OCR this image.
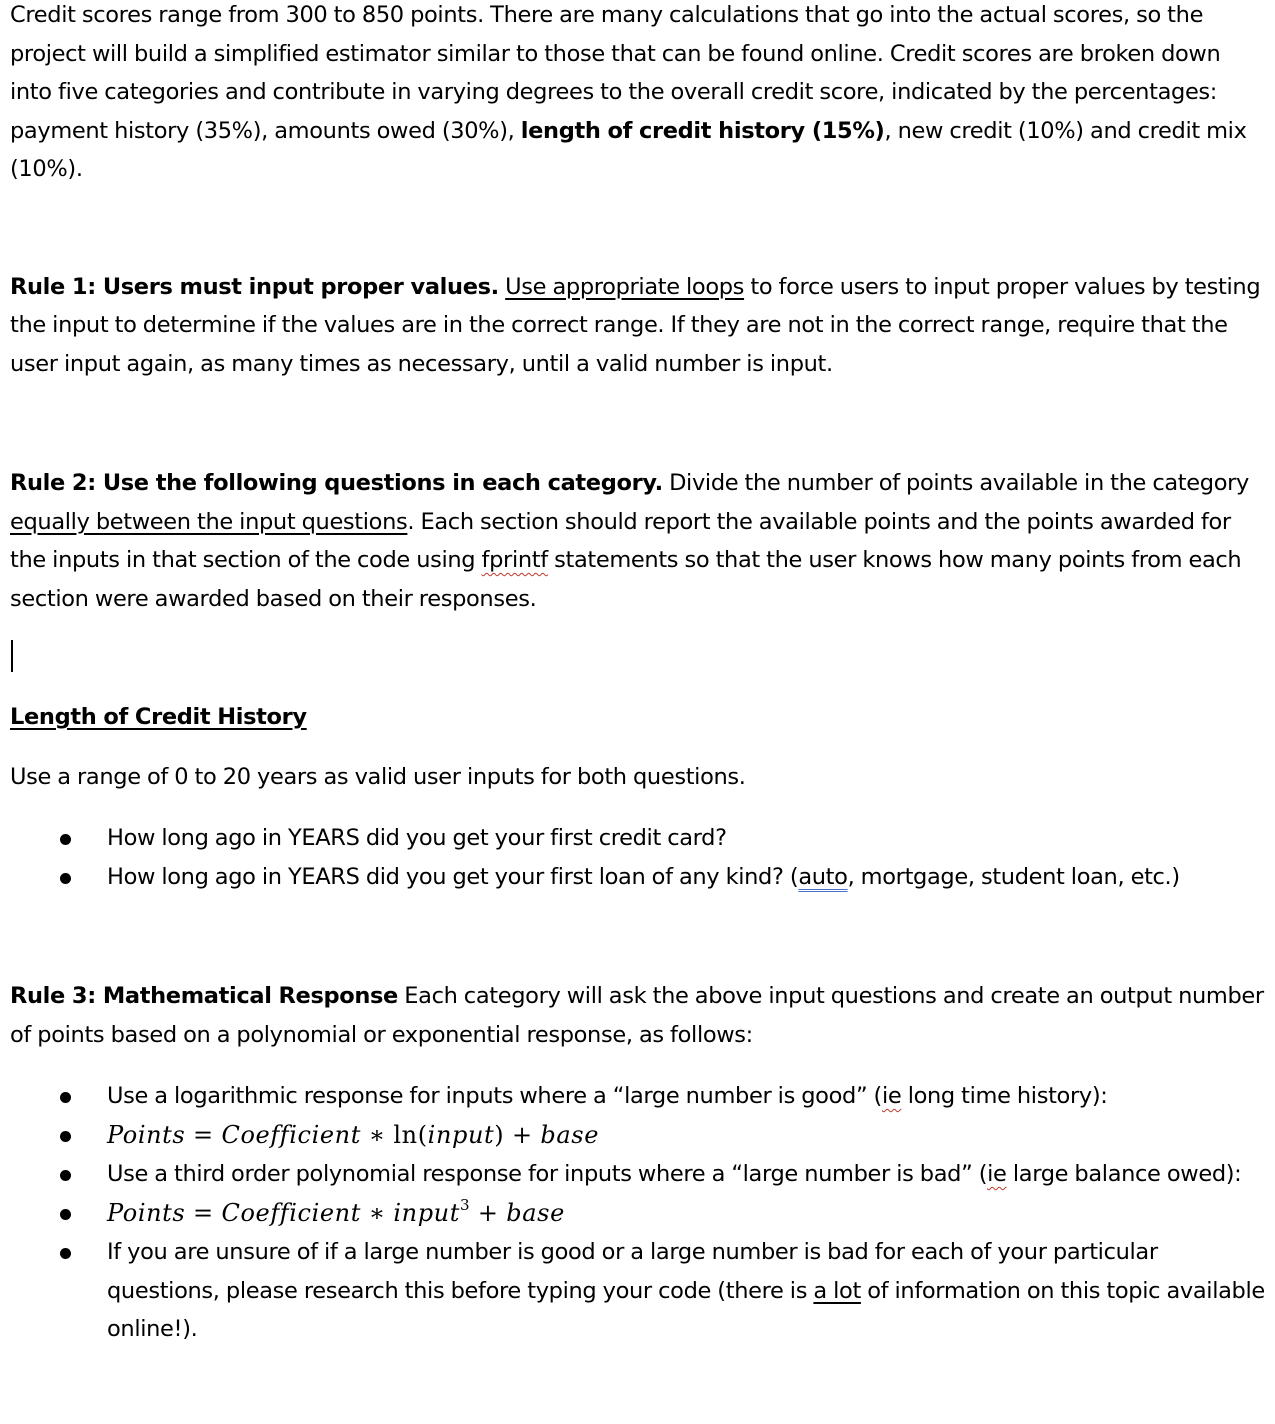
Credit scores range from 300 to 850 points. There are many calculations that go into the actual scores, so the project will build a simplified estimator similar to those that can be found online. Credit scores are broken down into five categories and contribute in varying degrees to the overall credit score, indicated by the percentages: payment history (35%), amounts owed (30%), length of credit history (15%), new credit (10%) and credit mix (10%).

Rule 1: Users must input proper values. Use appropriate loops to force users to input proper values by testing the input to determine if the values are in the correct range. If they are not in the correct range, require that the user input again, as many times as necessary, until a valid number is input.

Rule 2: Use the following questions in each category. Divide the number of points available in the category equally between the input questions. Each section should report the available points and the points awarded for the inputs in that section of the code using fprintf statements so that the user knows how many points from each section were awarded based on their responses.

Length of Credit History

Use a range of 0 to 20 years as valid user inputs for both questions.

How long ago in YEARS did you get your first credit card?
How long ago in YEARS did you get your first loan of any kind? (auto, mortgage, student loan, etc.)

Rule 3: Mathematical Response Each category will ask the above input questions and create an output number of points based on a polynomial or exponential response, as follows:

Use a logarithmic response for inputs where a “large number is good” (ie long time history):
Points = Coefficient ∗ ln(input) + base
Use a third order polynomial response for inputs where a “large number is bad” (ie large balance owed):
Points = Coefficient ∗ input$^3$ + base
If you are unsure of if a large number is good or a large number is bad for each of your particular questions, please research this before typing your code (there is a lot of information on this topic available online!).
